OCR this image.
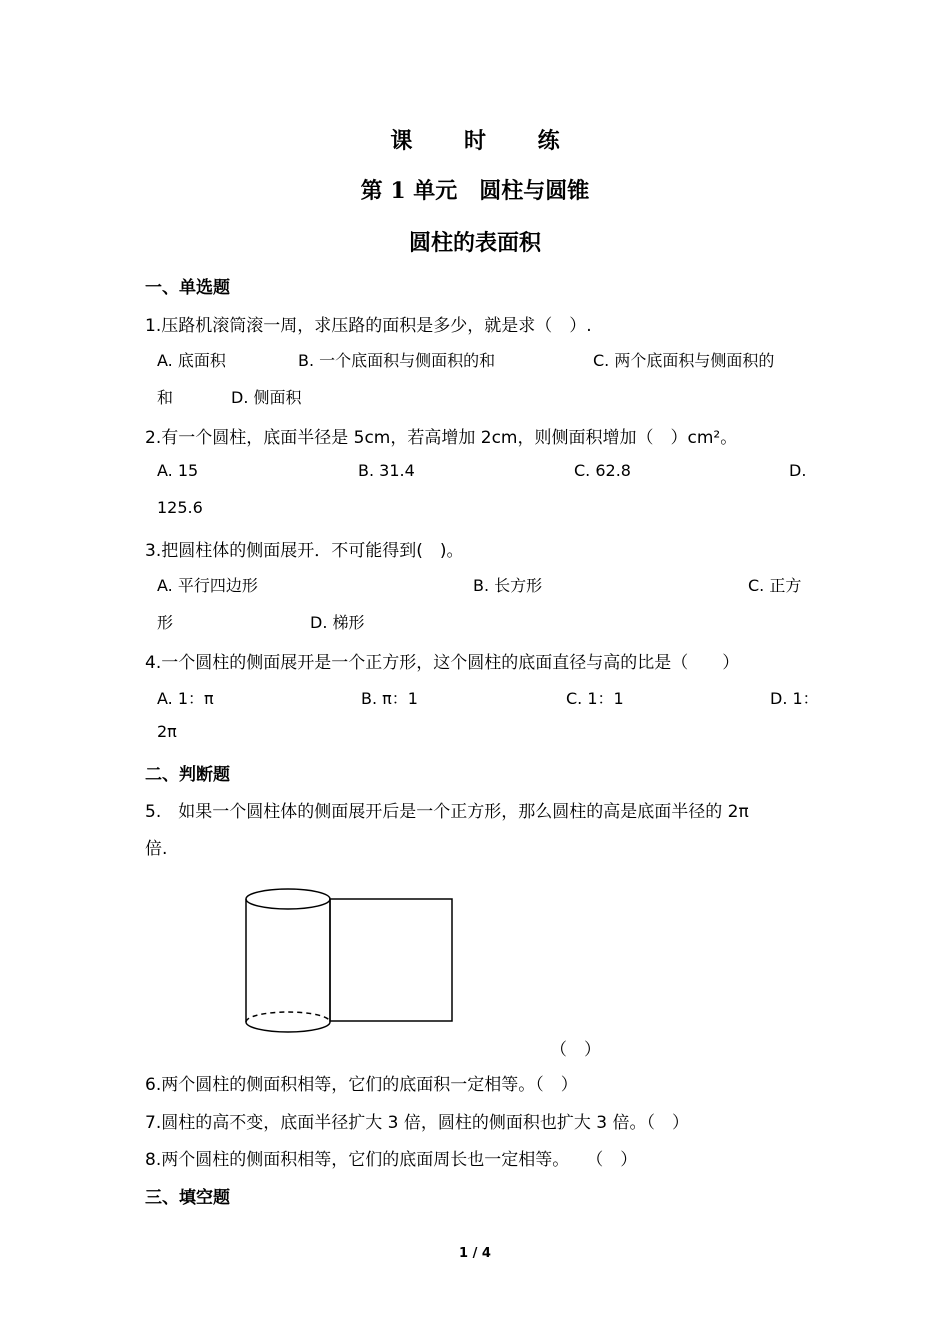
课 时 练
第 1 单元　圆柱与圆锥
圆柱的表面积
一、单选题
1.压路机滚筒滚一周，求压路的面积是多少，就是求（　）.
A. 底面积	B. 一个底面积与侧面积的和	C. 两个底面积与侧面积的
和	D. 侧面积
2.有一个圆柱，底面半径是 5cm，若高增加 2cm，则侧面积增加（　）cm²。
A. 15	B. 31.4	C. 62.8	D.
125.6
3.把圆柱体的侧面展开．不可能得到(　)。
A. 平行四边形	B. 长方形	C. 正方
形	D. 梯形
4.一个圆柱的侧面展开是一个正方形，这个圆柱的底面直径与高的比是（　　）
A. 1：π	B. π：1	C. 1：1	D. 1：
2π
二、判断题
5.　如果一个圆柱体的侧面展开后是一个正方形，那么圆柱的高是底面半径的 2π
倍.
（　）
6.两个圆柱的侧面积相等，它们的底面积一定相等。（　）
7.圆柱的高不变，底面半径扩大 3 倍，圆柱的侧面积也扩大 3 倍。（　）
8.两个圆柱的侧面积相等，它们的底面周长也一定相等。　　（　）
三、填空题
1 / 4
